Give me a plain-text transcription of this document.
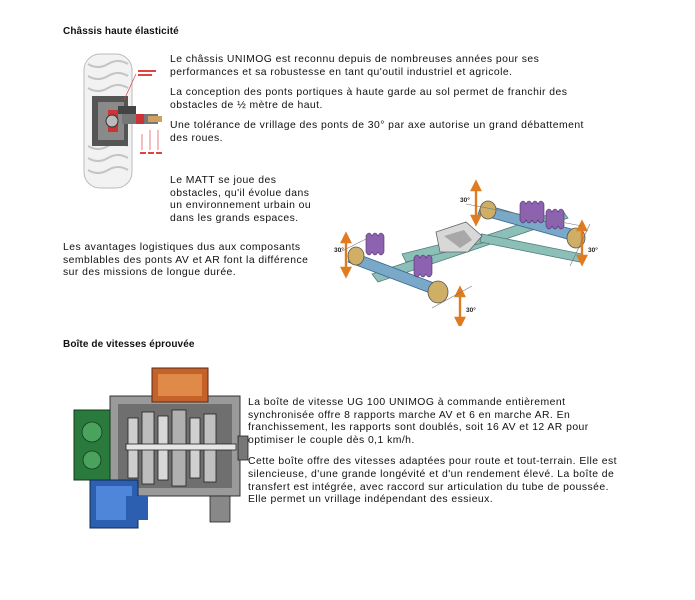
Châssis haute élasticité

Le châssis UNIMOG est reconnu depuis de nombreuses années pour ses performances et sa robustesse en tant qu'outil industriel et agricole.

La conception des ponts portiques à haute garde au sol permet de franchir des obstacles de ½ mètre de haut.

Une tolérance de vrillage des ponts de 30° par axe autorise un grand débattement des roues.

Le MATT se joue des obstacles, qu'il évolue dans un environnement urbain ou dans les grands espaces.

Les avantages logistiques dus aux composants semblables des ponts AV et AR font la différence sur des missions de longue durée.

30°
30°
30°
30°
Boîte de vitesses éprouvée

La boîte de vitesse UG 100 UNIMOG à commande entièrement synchronisée offre 8 rapports marche AV et 6 en marche AR. En franchissement, les rapports sont doublés, soit 16 AV et 12 AR pour optimiser le couple dès 0,1 km/h.

Cette boîte offre des vitesses adaptées pour route et tout-terrain. Elle est silencieuse, d'une grande longévité et d'un rendement élevé. La boîte de transfert est intégrée, avec raccord sur articulation du tube de poussée. Elle permet un vrillage indépendant des essieux.
